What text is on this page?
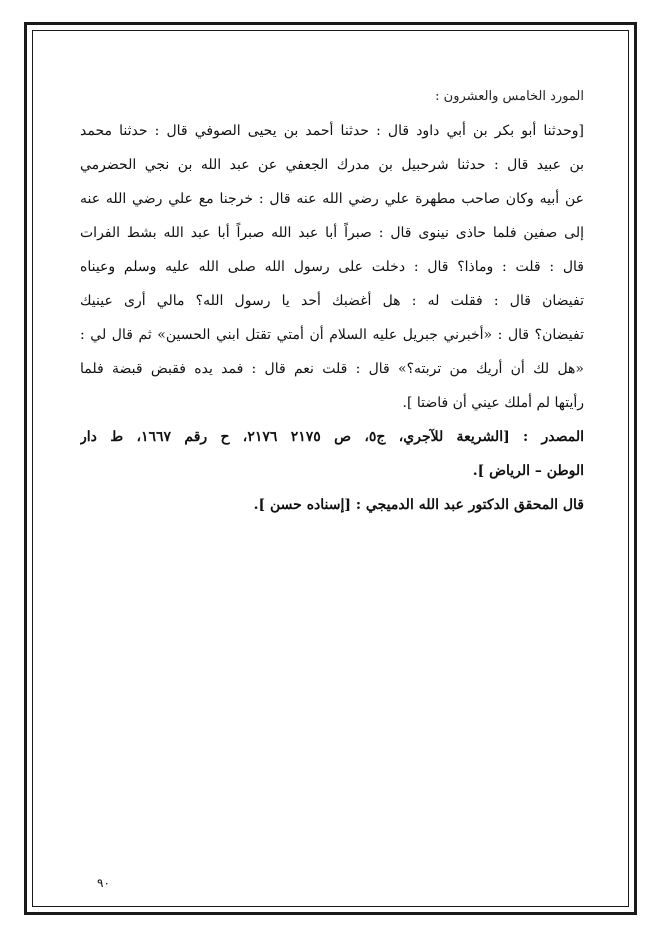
المورد الخامس والعشرون :
[وحدثنا أبو بكر بن أبي داود قال : حدثنا أحمد بن يحيى الصوفي قال : حدثنا محمد
بن عبيد قال : حدثنا شرحبيل بن مدرك الجعفي عن عبد الله بن نجي الحضرمي
عن أبيه وكان صاحب مطهرة علي رضي الله عنه قال : خرجنا مع علي رضي الله عنه
إلى صفين فلما حاذى نينوى قال : صبراً أبا عبد الله صبراً أبا عبد الله بشط الفرات
قال : قلت : وماذا؟ قال : دخلت على رسول الله صلى الله عليه وسلم وعيناه
تفيضان قال : فقلت له : هل أغضبك أحد يا رسول الله؟ مالي أرى عينيك
تفيضان؟ قال : «أخبرني جبريل عليه السلام أن أمتي تقتل ابني الحسين» ثم قال لي :
«هل لك أن أريك من تربته؟» قال : قلت نعم قال : فمد يده فقبض قبضة فلما
رأيتها لم أملك عيني أن فاضتا ].
المصدر : [الشريعة للآجري، ج٥، ص ٢١٧٥ ٢١٧٦، ح رقم ١٦٦٧، ط دار
الوطن – الرياض ].
قال المحقق الدكتور عبد الله الدميجي : [إسناده حسن ].
٩٠
